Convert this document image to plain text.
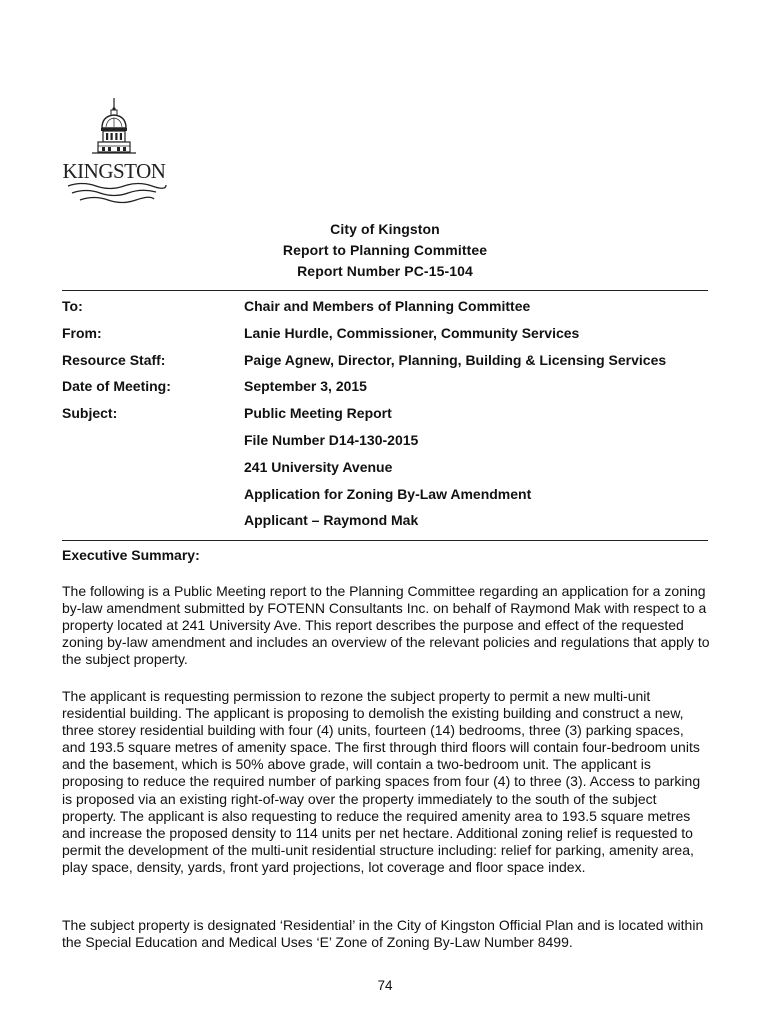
KINGSTON
City of Kingston
Report to Planning Committee
Report Number PC-15-104
To:	Chair and Members of Planning Committee
From:	Lanie Hurdle, Commissioner, Community Services
Resource Staff:	Paige Agnew, Director, Planning, Building & Licensing Services
Date of Meeting:	September 3, 2015
Subject:	Public Meeting Report
File Number D14-130-2015
241 University Avenue
Application for Zoning By-Law Amendment
Applicant – Raymond Mak
Executive Summary:

The following is a Public Meeting report to the Planning Committee regarding an application for a zoning by-law amendment submitted by FOTENN Consultants Inc. on behalf of Raymond Mak with respect to a property located at 241 University Ave. This report describes the purpose and effect of the requested zoning by-law amendment and includes an overview of the relevant policies and regulations that apply to the subject property.

The applicant is requesting permission to rezone the subject property to permit a new multi-unit residential building. The applicant is proposing to demolish the existing building and construct a new, three storey residential building with four (4) units, fourteen (14) bedrooms, three (3) parking spaces, and 193.5 square metres of amenity space. The first through third floors will contain four-bedroom units and the basement, which is 50% above grade, will contain a two-bedroom unit. The applicant is proposing to reduce the required number of parking spaces from four (4) to three (3). Access to parking is proposed via an existing right-of-way over the property immediately to the south of the subject property. The applicant is also requesting to reduce the required amenity area to 193.5 square metres and increase the proposed density to 114 units per net hectare. Additional zoning relief is requested to permit the development of the multi-unit residential structure including: relief for parking, amenity area, play space, density, yards, front yard projections, lot coverage and floor space index.

The subject property is designated ‘Residential’ in the City of Kingston Official Plan and is located within the Special Education and Medical Uses ‘E’ Zone of Zoning By-Law Number 8499.

74
